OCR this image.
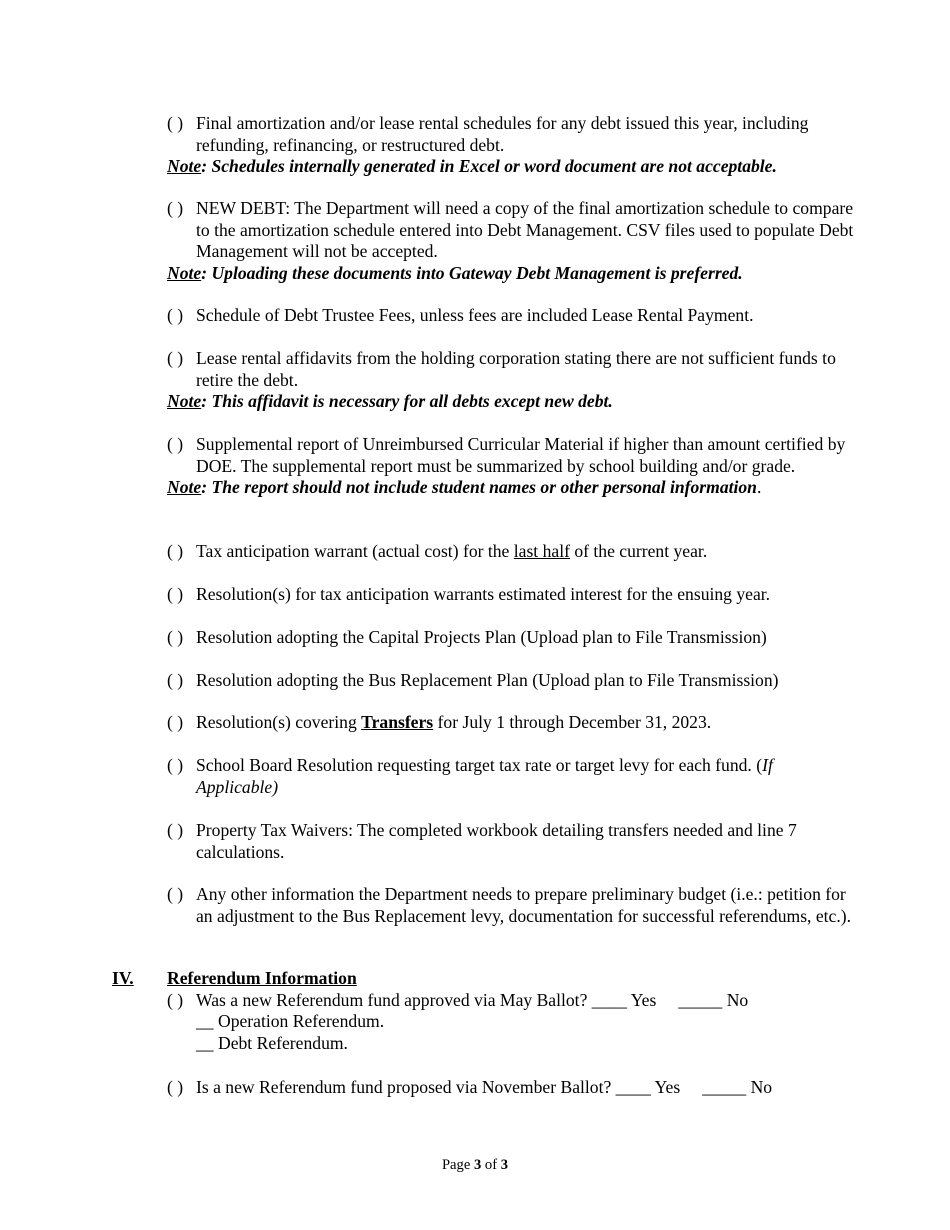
( ) Final amortization and/or lease rental schedules for any debt issued this year, including refunding, refinancing, or restructured debt.
Note: Schedules internally generated in Excel or word document are not acceptable.
( ) NEW DEBT: The Department will need a copy of the final amortization schedule to compare to the amortization schedule entered into Debt Management. CSV files used to populate Debt Management will not be accepted.
Note: Uploading these documents into Gateway Debt Management is preferred.
( ) Schedule of Debt Trustee Fees, unless fees are included Lease Rental Payment.
( ) Lease rental affidavits from the holding corporation stating there are not sufficient funds to retire the debt.
Note: This affidavit is necessary for all debts except new debt.
( ) Supplemental report of Unreimbursed Curricular Material if higher than amount certified by DOE. The supplemental report must be summarized by school building and/or grade.
Note: The report should not include student names or other personal information.
( ) Tax anticipation warrant (actual cost) for the last half of the current year.
( ) Resolution(s) for tax anticipation warrants estimated interest for the ensuing year.
( ) Resolution adopting the Capital Projects Plan (Upload plan to File Transmission)
( ) Resolution adopting the Bus Replacement Plan (Upload plan to File Transmission)
( ) Resolution(s) covering Transfers for July 1 through December 31, 2023.
( ) School Board Resolution requesting target tax rate or target levy for each fund. (If Applicable)
( ) Property Tax Waivers: The completed workbook detailing transfers needed and line 7 calculations.
( ) Any other information the Department needs to prepare preliminary budget (i.e.: petition for an adjustment to the Bus Replacement levy, documentation for successful referendums, etc.).
IV. Referendum Information
( ) Was a new Referendum fund approved via May Ballot? ____ Yes _____ No
__ Operation Referendum.
__ Debt Referendum.
( ) Is a new Referendum fund proposed via November Ballot? ____ Yes _____ No
Page 3 of 3
